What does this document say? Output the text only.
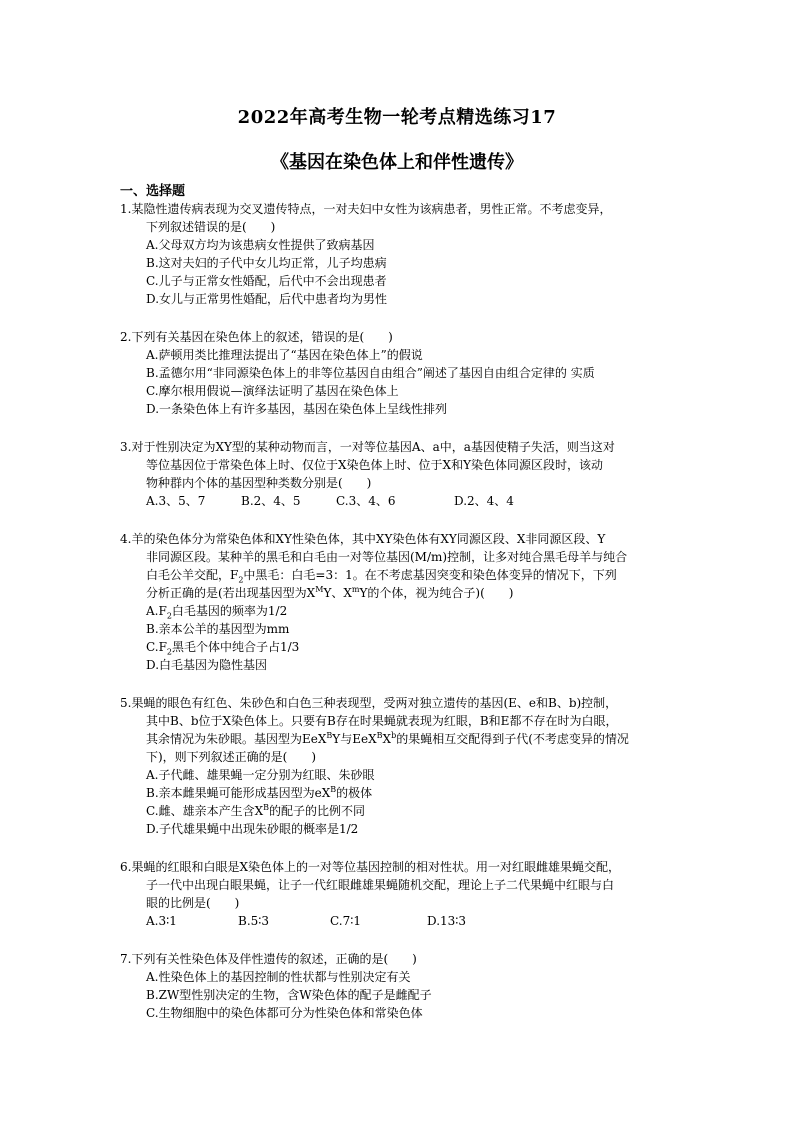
2022年高考生物一轮考点精选练习17
《基因在染色体上和伴性遗传》
一、选择题
1.某隐性遗传病表现为交叉遗传特点，一对夫妇中女性为该病患者，男性正常。不考虑变异，
下列叙述错误的是(　　)
A.父母双方均为该患病女性提供了致病基因
B.这对夫妇的子代中女儿均正常，儿子均患病
C.儿子与正常女性婚配，后代中不会出现患者
D.女儿与正常男性婚配，后代中患者均为男性
2.下列有关基因在染色体上的叙述，错误的是(　　)
A.萨顿用类比推理法提出了“基因在染色体上”的假说
B.孟德尔用“非同源染色体上的非等位基因自由组合”阐述了基因自由组合定律的 实质
C.摩尔根用假说—演绎法证明了基因在染色体上
D.一条染色体上有许多基因，基因在染色体上呈线性排列
3.对于性别决定为XY型的某种动物而言，一对等位基因A、a中，a基因使精子失活，则当这对
等位基因位于常染色体上时、仅位于X染色体上时、位于X和Y染色体同源区段时，该动
物种群内个体的基因型种类数分别是(　　)
A.3、5、7	B.2、4、5	C.3、4、6	D.2、4、4
4.羊的染色体分为常染色体和XY性染色体，其中XY染色体有XY同源区段、X非同源区段、Y
非同源区段。某种羊的黑毛和白毛由一对等位基因(M/m)控制，让多对纯合黑毛母羊与纯合
白毛公羊交配，$F_2$中黑毛：白毛=3：1。在不考虑基因突变和染色体变异的情况下，下列
分析正确的是(若出现基因型为$X^MY$、$X^mY$的个体，视为纯合子)(　　)
$A.F_2$白毛基因的频率为1/2
B.亲本公羊的基因型为mm
$C.F_2$黑毛个体中纯合子占1/3
D.白毛基因为隐性基因
5.果蝇的眼色有红色、朱砂色和白色三种表现型，受两对独立遗传的基因(E、e和B、b)控制，
其中B、b位于X染色体上。只要有B存在时果蝇就表现为红眼，B和E都不存在时为白眼，
其余情况为朱砂眼。基因型为EeX$^B$Y与$EeX^BX^b$的果蝇相互交配得到子代(不考虑变异的情况
下)，则下列叙述正确的是(　　)
A.子代雌、雄果蝇一定分别为红眼、朱砂眼
B.亲本雌果蝇可能形成基因型为$eX^B$的极体
C.雌、雄亲本产生含$X^B$的配子的比例不同
D.子代雄果蝇中出现朱砂眼的概率是1/2
6.果蝇的红眼和白眼是X染色体上的一对等位基因控制的相对性状。用一对红眼雌雄果蝇交配，
子一代中出现白眼果蝇，让子一代红眼雌雄果蝇随机交配，理论上子二代果蝇中红眼与白
眼的比例是(　　)
A.3∶1	B.5∶3	C.7∶1	D.13∶3
7.下列有关性染色体及伴性遗传的叙述，正确的是(　　)
A.性染色体上的基因控制的性状都与性别决定有关
B.ZW型性别决定的生物，含W染色体的配子是雌配子
C.生物细胞中的染色体都可分为性染色体和常染色体
